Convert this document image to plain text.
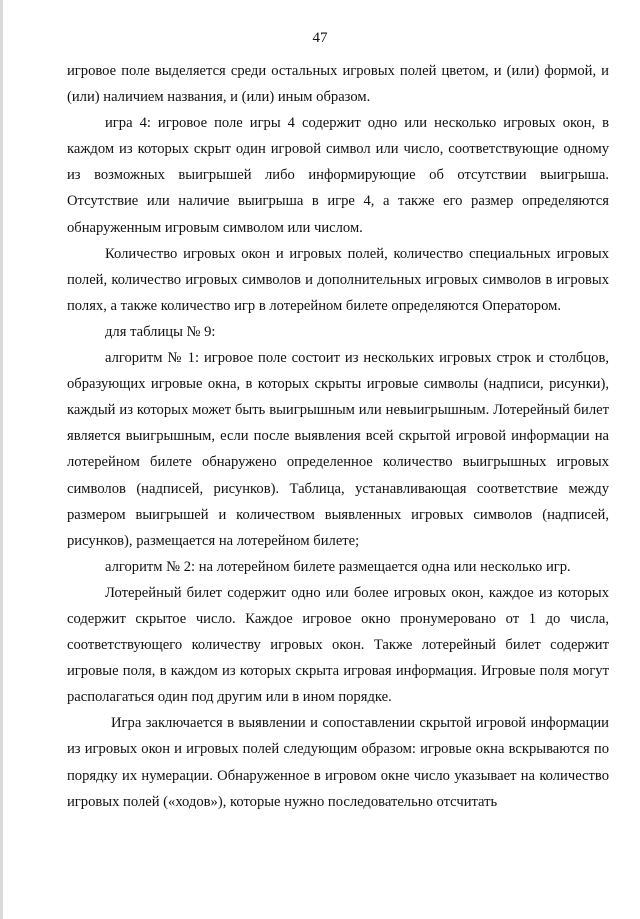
47

игровое поле выделяется среди остальных игровых полей цветом, и (или) формой, и (или) наличием названия, и (или) иным образом.

игра 4: игровое поле игры 4 содержит одно или несколько игровых окон, в каждом из которых скрыт один игровой символ или число, соответствующие одному из возможных выигрышей либо информирующие об отсутствии выигрыша. Отсутствие или наличие выигрыша в игре 4, а также его размер определяются обнаруженным игровым символом или числом.

Количество игровых окон и игровых полей, количество специальных игровых полей, количество игровых символов и дополнительных игровых символов в игровых полях, а также количество игр в лотерейном билете определяются Оператором.

для таблицы № 9:

алгоритм № 1: игровое поле состоит из нескольких игровых строк и столбцов, образующих игровые окна, в которых скрыты игровые символы (надписи, рисунки), каждый из которых может быть выигрышным или невыигрышным. Лотерейный билет является выигрышным, если после выявления всей скрытой игровой информации на лотерейном билете обнаружено определенное количество выигрышных игровых символов (надписей, рисунков). Таблица, устанавливающая соответствие между размером выигрышей и количеством выявленных игровых символов (надписей, рисунков), размещается на лотерейном билете;

алгоритм № 2: на лотерейном билете размещается одна или несколько игр.

Лотерейный билет содержит одно или более игровых окон, каждое из которых содержит скрытое число. Каждое игровое окно пронумеровано от 1 до числа, соответствующего количеству игровых окон. Также лотерейный билет содержит игровые поля, в каждом из которых скрыта игровая информация. Игровые поля могут располагаться один под другим или в ином порядке.

Игра заключается в выявлении и сопоставлении скрытой игровой информации из игровых окон и игровых полей следующим образом: игровые окна вскрываются по порядку их нумерации. Обнаруженное в игровом окне число указывает на количество игровых полей («ходов»), которые нужно последовательно отсчитать
